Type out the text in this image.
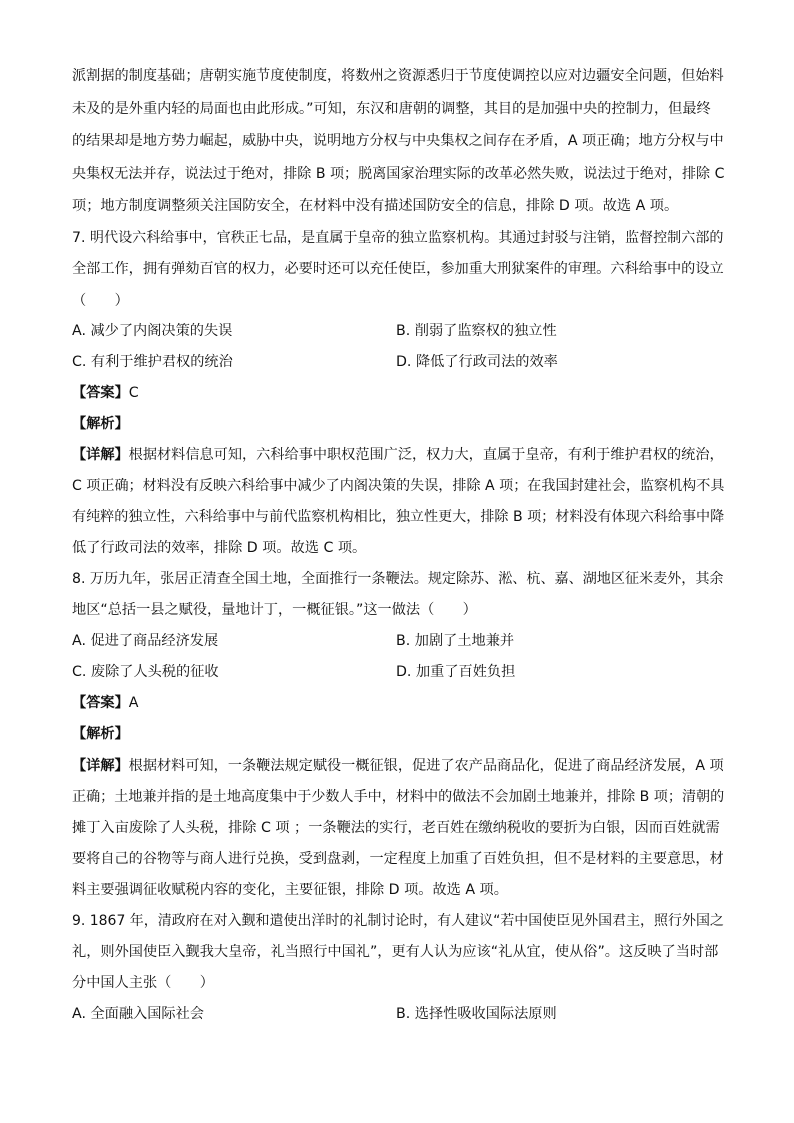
派割据的制度基础；唐朝实施节度使制度，将数州之资源悉归于节度使调控以应对边疆安全问题，但始料
未及的是外重内轻的局面也由此形成。”可知，东汉和唐朝的调整，其目的是加强中央的控制力，但最终
的结果却是地方势力崛起，威胁中央，说明地方分权与中央集权之间存在矛盾，A 项正确；地方分权与中
央集权无法并存，说法过于绝对，排除 B 项；脱离国家治理实际的改革必然失败，说法过于绝对，排除 C
项；地方制度调整须关注国防安全，在材料中没有描述国防安全的信息，排除 D 项。故选 A 项。
7. 明代设六科给事中，官秩正七品，是直属于皇帝的独立监察机构。其通过封驳与注销，监督控制六部的
全部工作，拥有弹劾百官的权力，必要时还可以充任使臣，参加重大刑狱案件的审理。六科给事中的设立
（　　）
A. 减少了内阁决策的失误	B. 削弱了监察权的独立性
C. 有利于维护君权的统治	D. 降低了行政司法的效率
【答案】C
【解析】
【详解】根据材料信息可知，六科给事中职权范围广泛，权力大，直属于皇帝，有利于维护君权的统治，
C 项正确；材料没有反映六科给事中减少了内阁决策的失误，排除 A 项；在我国封建社会，监察机构不具
有纯粹的独立性，六科给事中与前代监察机构相比，独立性更大，排除 B 项；材料没有体现六科给事中降
低了行政司法的效率，排除 D 项。故选 C 项。
8. 万历九年，张居正清查全国土地，全面推行一条鞭法。规定除苏、淞、杭、嘉、湖地区征米麦外，其余
地区“总括一县之赋役，量地计丁，一概征银。”这一做法（　　）
A. 促进了商品经济发展	B. 加剧了土地兼并
C. 废除了人头税的征收	D. 加重了百姓负担
【答案】A
【解析】
【详解】根据材料可知，一条鞭法规定赋役一概征银，促进了农产品商品化，促进了商品经济发展，A 项
正确；土地兼并指的是土地高度集中于少数人手中，材料中的做法不会加剧土地兼并，排除 B 项；清朝的
摊丁入亩废除了人头税，排除 C 项 ；一条鞭法的实行，老百姓在缴纳税收的要折为白银，因而百姓就需
要将自己的谷物等与商人进行兑换，受到盘剥，一定程度上加重了百姓负担，但不是材料的主要意思，材
料主要强调征收赋税内容的变化，主要征银，排除 D 项。故选 A 项。
9. 1867 年，清政府在对入觐和遣使出洋时的礼制讨论时，有人建议“若中国使臣见外国君主，照行外国之
礼，则外国使臣入觐我大皇帝，礼当照行中国礼”，更有人认为应该“礼从宜，使从俗”。这反映了当时部
分中国人主张（　　）
A. 全面融入国际社会	B. 选择性吸收国际法原则
